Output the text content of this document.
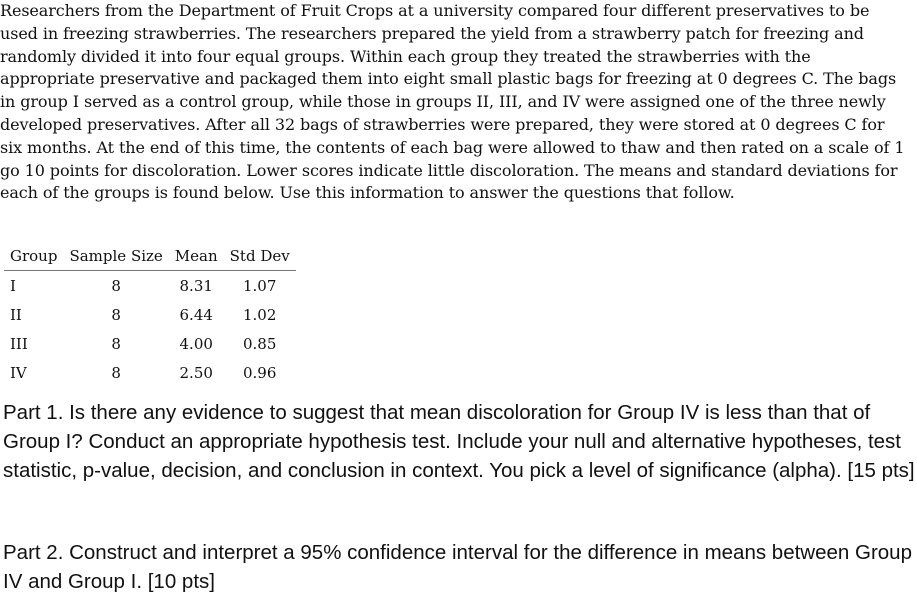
Researchers from the Department of Fruit Crops at a university compared four different preservatives to be used in freezing strawberries. The researchers prepared the yield from a strawberry patch for freezing and randomly divided it into four equal groups. Within each group they treated the strawberries with the appropriate preservative and packaged them into eight small plastic bags for freezing at 0 degrees C. The bags in group I served as a control group, while those in groups II, III, and IV were assigned one of the three newly developed preservatives. After all 32 bags of strawberries were prepared, they were stored at 0 degrees C for six months. At the end of this time, the contents of each bag were allowed to thaw and then rated on a scale of 1 go 10 points for discoloration. Lower scores indicate little discoloration. The means and standard deviations for each of the groups is found below. Use this information to answer the questions that follow.

Group	Sample Size	Mean	Std Dev
I	8	8.31	1.07
II	8	6.44	1.02
III	8	4.00	0.85
IV	8	2.50	0.96

Part 1. Is there any evidence to suggest that mean discoloration for Group IV is less than that of Group I? Conduct an appropriate hypothesis test. Include your null and alternative hypotheses, test statistic, p-value, decision, and conclusion in context. You pick a level of significance (alpha). [15 pts]

Part 2. Construct and interpret a 95% confidence interval for the difference in means between Group IV and Group I. [10 pts]
